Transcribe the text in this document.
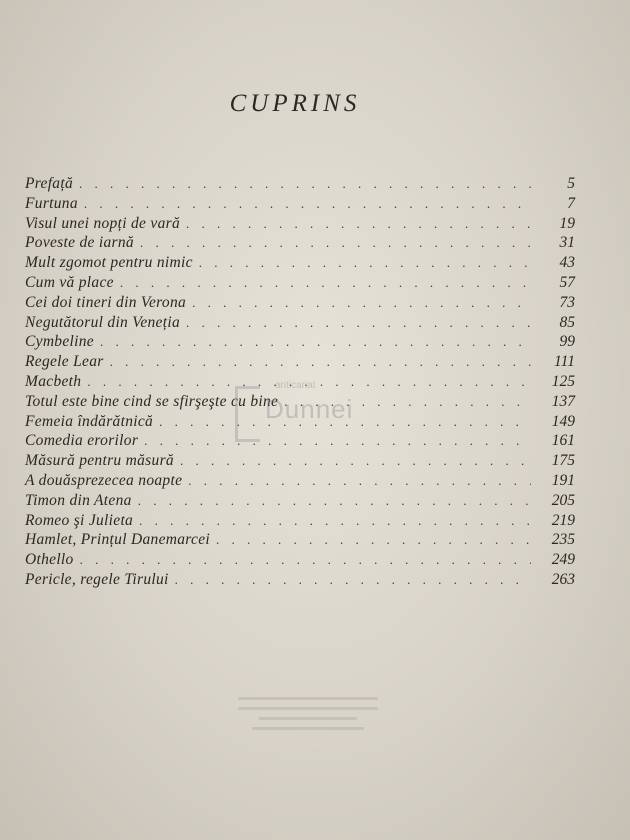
CUPRINS
Prefață . . .	5
Furtuna . . .	7
Visul unei nopți de vară . . .	19
Poveste de iarnă . . .	31
Mult zgomot pentru nimic . . .	43
Cum vă place . . .	57
Cei doi tineri din Verona . . .	73
Negutătorul din Veneția . . .	85
Cymbeline . . .	99
Regele Lear . . .	111
Macbeth . . .	125
Totul este bine cind se sfirşeşte cu bine . . .	137
Femeia îndărătnică . . .	149
Comedia erorilor . . .	161
Măsură pentru măsură . . .	175
A douăsprezecea noapte . . .	191
Timon din Atena . . .	205
Romeo şi Julieta . . .	219
Hamlet, Prințul Danemarcei . . .	235
Othello . . .	249
Pericle, regele Tirului . . .	263
anticariat
Dunnei
